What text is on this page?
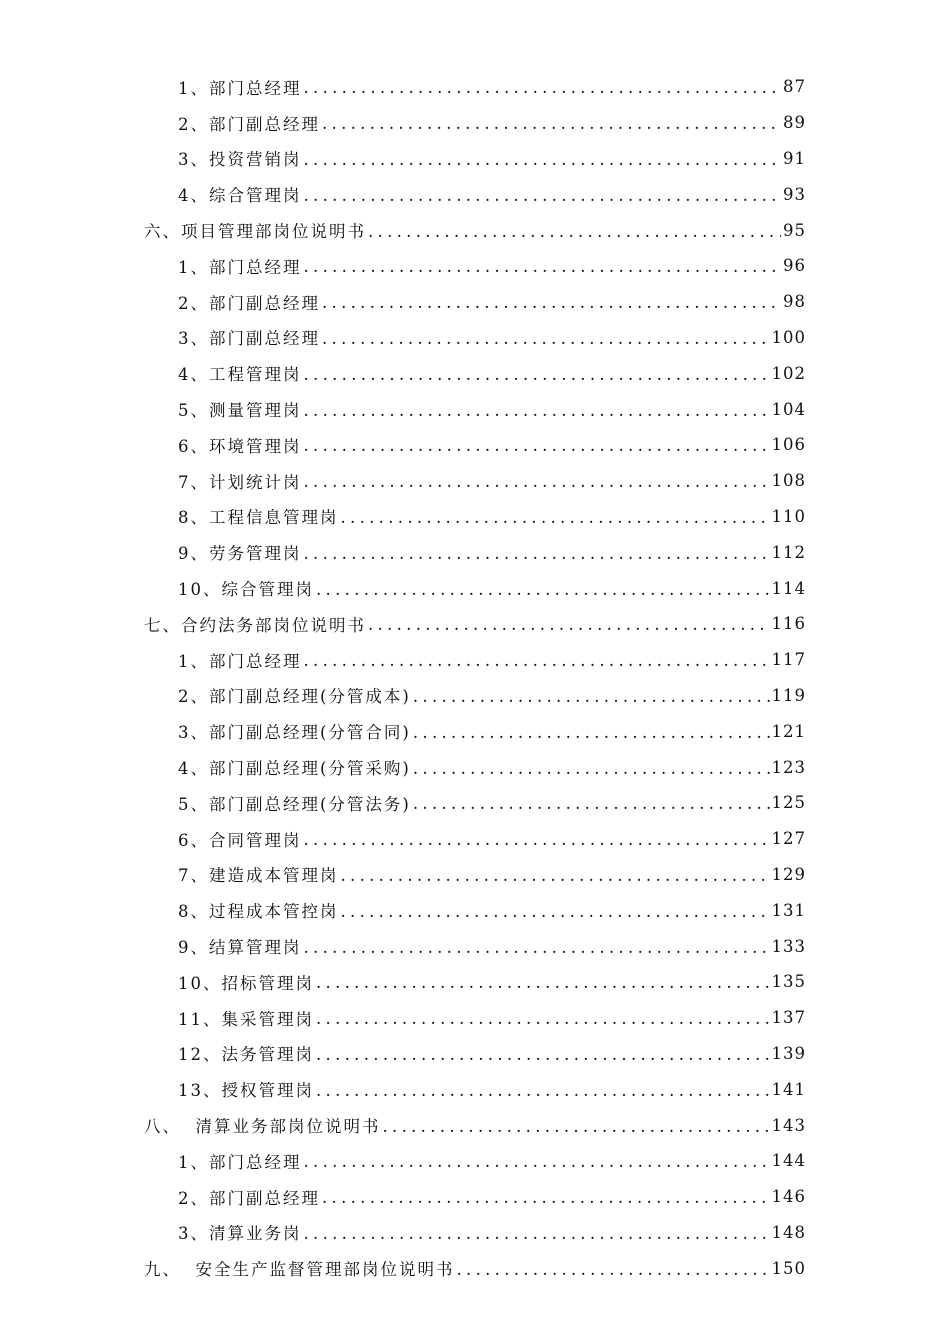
1、部门总经理 .....	87
2、部门副总经理 .....	89
3、投资营销岗 .....	91
4、综合管理岗 .....	93
六、项目管理部岗位说明书 .....	95
1、部门总经理 .....	96
2、部门副总经理 .....	98
3、部门副总经理 .....	100
4、工程管理岗 .....	102
5、测量管理岗 .....	104
6、环境管理岗 .....	106
7、计划统计岗 .....	108
8、工程信息管理岗 .....	110
9、劳务管理岗 .....	112
10、综合管理岗 .....	114
七、合约法务部岗位说明书 .....	116
1、部门总经理 .....	117
2、部门副总经理(分管成本) .....	119
3、部门副总经理(分管合同) .....	121
4、部门副总经理(分管采购) .....	123
5、部门副总经理(分管法务) .....	125
6、合同管理岗 .....	127
7、建造成本管理岗 .....	129
8、过程成本管控岗 .....	131
9、结算管理岗 .....	133
10、招标管理岗 .....	135
11、集采管理岗 .....	137
12、法务管理岗 .....	139
13、授权管理岗 .....	141
八、  清算业务部岗位说明书 .....	143
1、部门总经理 .....	144
2、部门副总经理 .....	146
3、清算业务岗 .....	148
九、  安全生产监督管理部岗位说明书 .....	150
